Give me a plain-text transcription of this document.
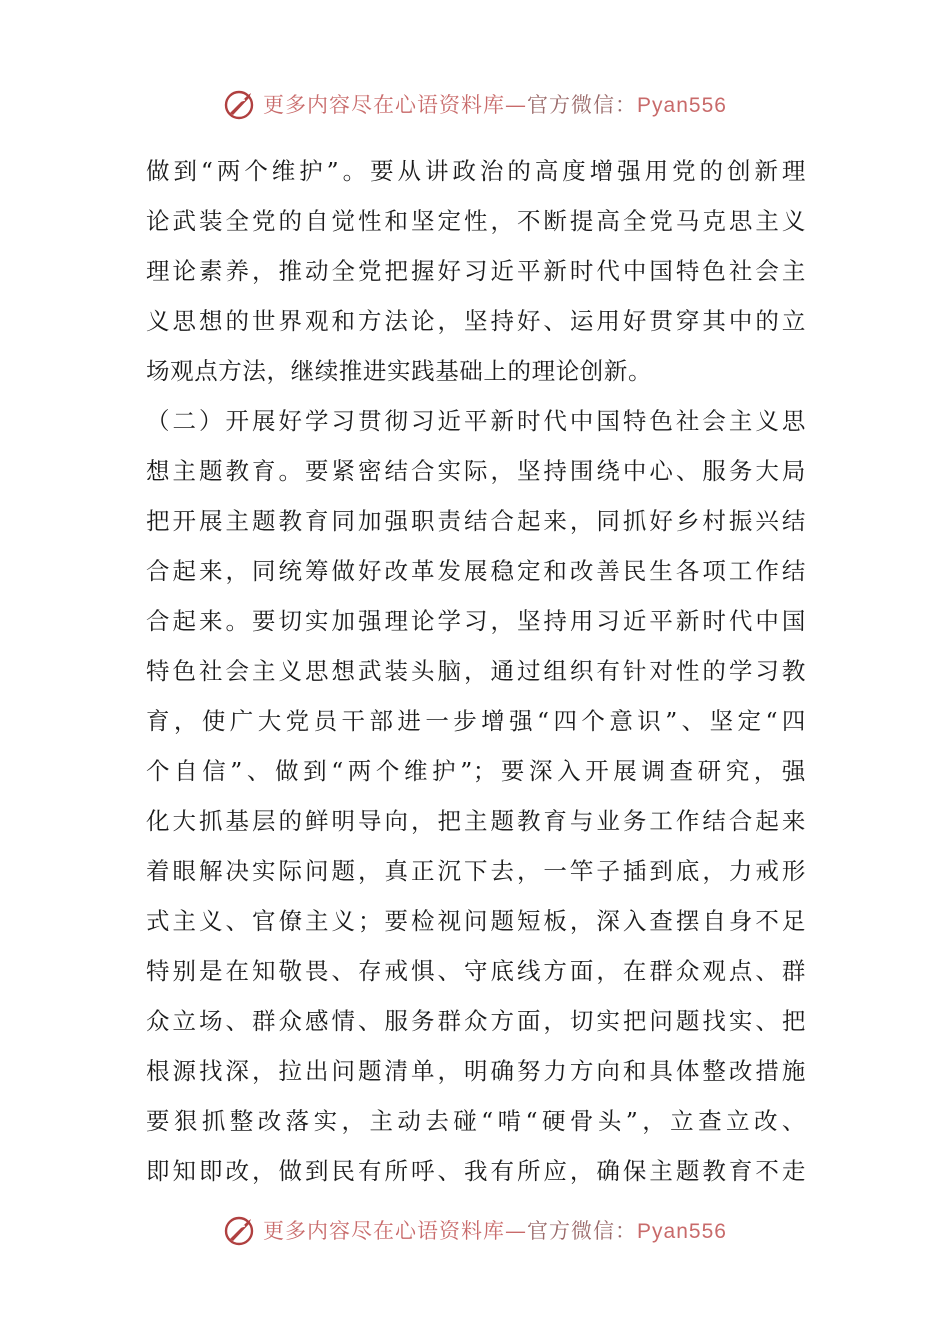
更多内容尽在心语资料库—官方微信：Pyan556
做到“两个维护”。要从讲政治的高度增强用党的创新理
论武装全党的自觉性和坚定性，不断提高全党马克思主义
理论素养，推动全党把握好习近平新时代中国特色社会主
义思想的世界观和方法论，坚持好、运用好贯穿其中的立
场观点方法，继续推进实践基础上的理论创新。
（二）开展好学习贯彻习近平新时代中国特色社会主义思
想主题教育。要紧密结合实际，坚持围绕中心、服务大局
把开展主题教育同加强职责结合起来，同抓好乡村振兴结
合起来，同统筹做好改革发展稳定和改善民生各项工作结
合起来。要切实加强理论学习，坚持用习近平新时代中国
特色社会主义思想武装头脑，通过组织有针对性的学习教
育，使广大党员干部进一步增强“四个意识”、坚定“四
个自信”、做到“两个维护”；要深入开展调查研究，强
化大抓基层的鲜明导向，把主题教育与业务工作结合起来
着眼解决实际问题，真正沉下去，一竿子插到底，力戒形
式主义、官僚主义；要检视问题短板，深入查摆自身不足
特别是在知敬畏、存戒惧、守底线方面，在群众观点、群
众立场、群众感情、服务群众方面，切实把问题找实、把
根源找深，拉出问题清单，明确努力方向和具体整改措施
要狠抓整改落实，主动去碰“啃“硬骨头”，立查立改、
即知即改，做到民有所呼、我有所应，确保主题教育不走
更多内容尽在心语资料库—官方微信：Pyan556
